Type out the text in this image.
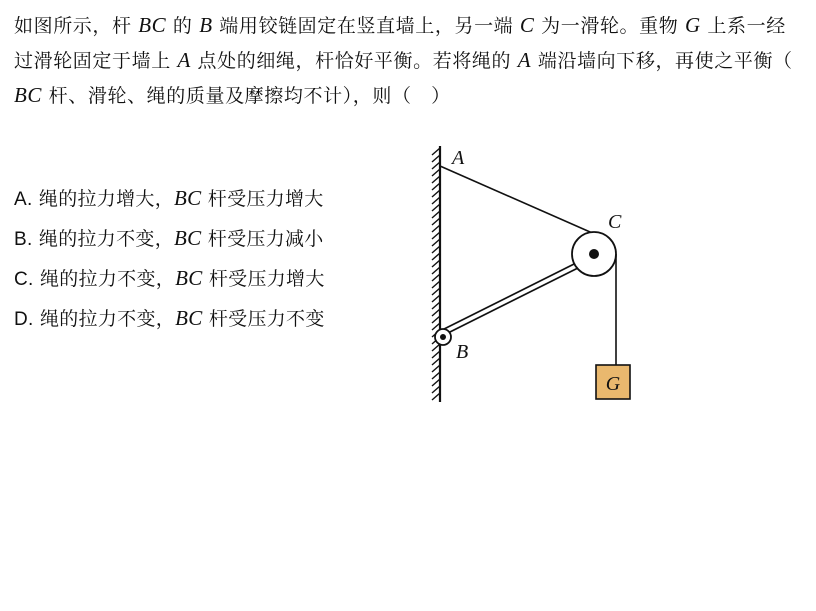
如图所示，杆 BC 的 B 端用铰链固定在竖直墙上，另一端 C 为一滑轮。重物 G 上系一经过滑轮固定于墙上 A 点处的细绳，杆恰好平衡。若将绳的 A 端沿墙向下移，再使之平衡（ BC 杆、滑轮、绳的质量及摩擦均不计），则（　）
A. 绳的拉力增大，BC 杆受压力增大
B. 绳的拉力不变，BC 杆受压力减小
C. 绳的拉力不变，BC 杆受压力增大
D. 绳的拉力不变，BC 杆受压力不变
G
A
C
B
